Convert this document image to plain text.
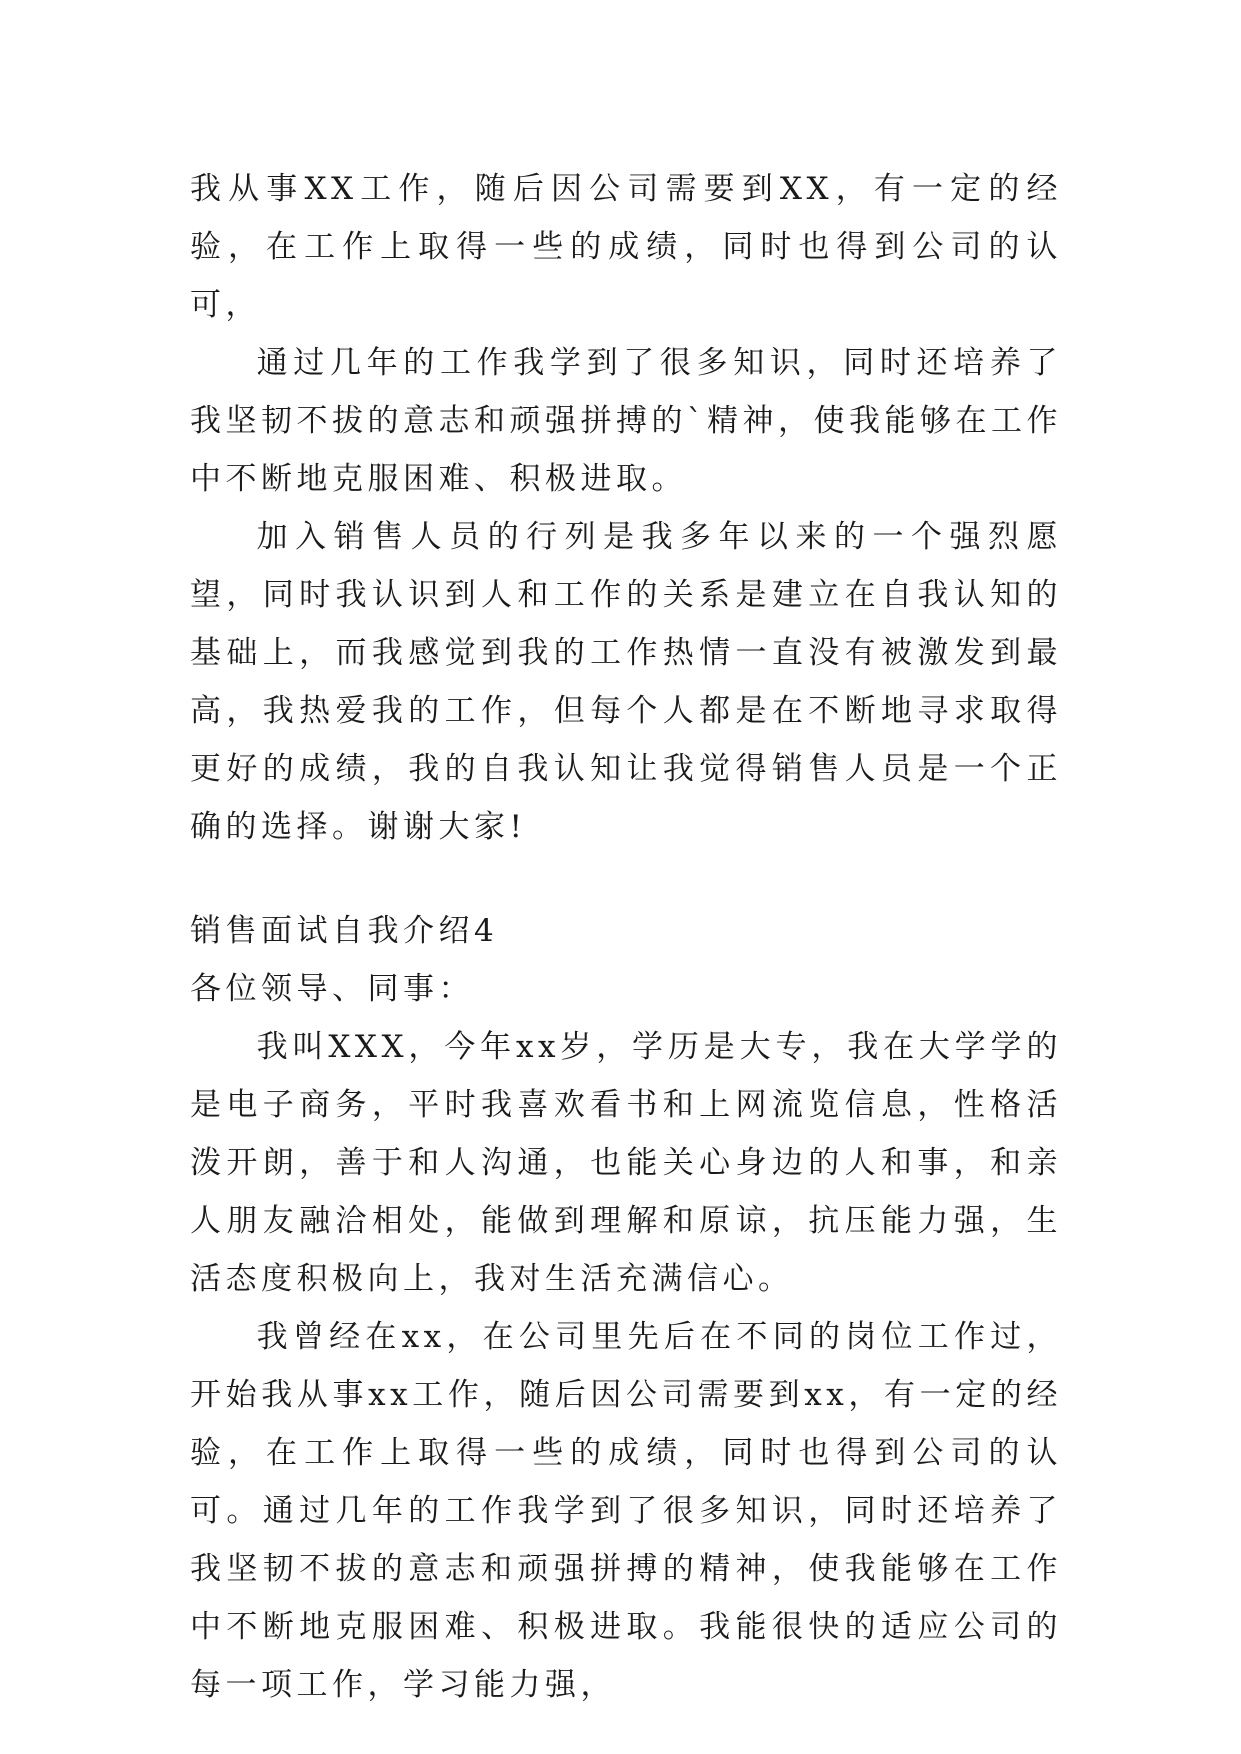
我从事XX工作，随后因公司需要到XX，有一定的经验，在工作上取得一些的成绩，同时也得到公司的认可，

通过几年的工作我学到了很多知识，同时还培养了我坚韧不拔的意志和顽强拼搏的`精神，使我能够在工作中不断地克服困难、积极进取。

加入销售人员的行列是我多年以来的一个强烈愿望，同时我认识到人和工作的关系是建立在自我认知的基础上，而我感觉到我的工作热情一直没有被激发到最高，我热爱我的工作，但每个人都是在不断地寻求取得更好的成绩，我的自我认知让我觉得销售人员是一个正确的选择。谢谢大家!

销售面试自我介绍4

各位领导、同事：

我叫XXX，今年xx岁，学历是大专，我在大学学的是电子商务，平时我喜欢看书和上网流览信息，性格活泼开朗，善于和人沟通，也能关心身边的人和事，和亲人朋友融洽相处，能做到理解和原谅，抗压能力强，生活态度积极向上，我对生活充满信心。

我曾经在xx，在公司里先后在不同的岗位工作过，开始我从事xx工作，随后因公司需要到xx，有一定的经验，在工作上取得一些的成绩，同时也得到公司的认可。通过几年的工作我学到了很多知识，同时还培养了我坚韧不拔的意志和顽强拼搏的精神，使我能够在工作中不断地克服困难、积极进取。我能很快的适应公司的每一项工作，学习能力强，
